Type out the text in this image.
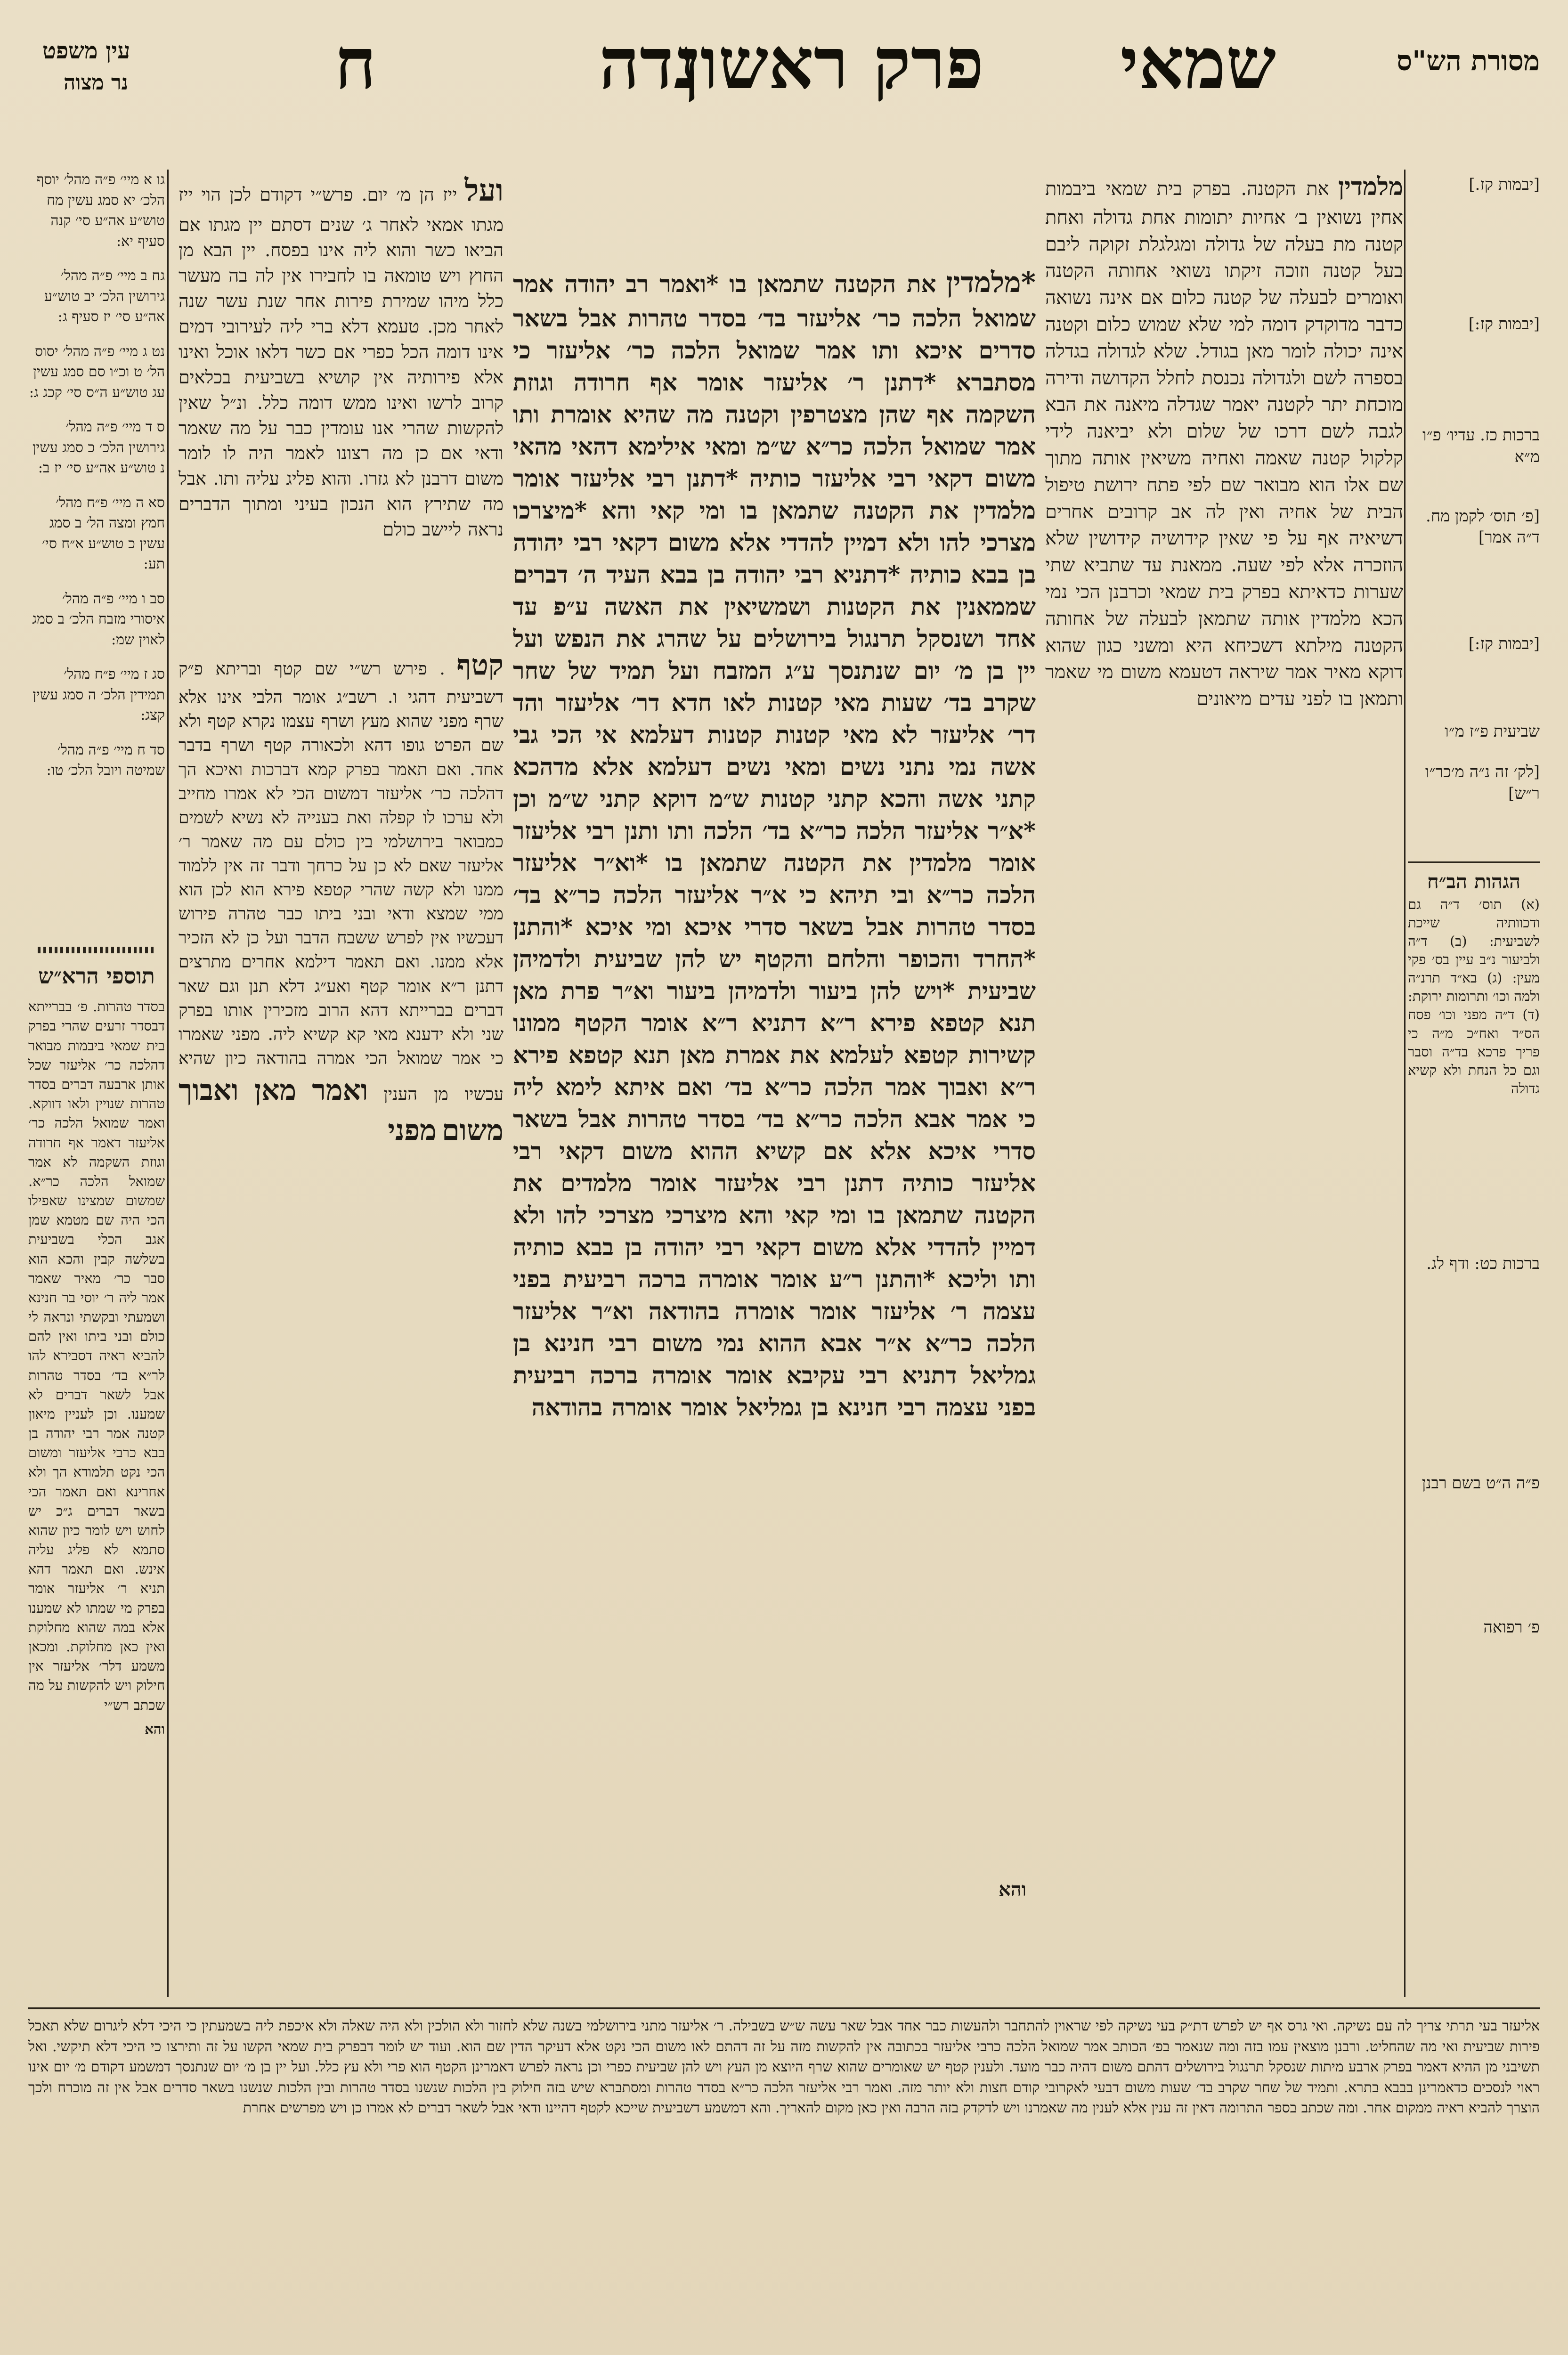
מסורת הש"ס
שמאי
פרק ראשון
נדה
ח
עין משפט
נר מצוה
[יבמות קז.]
[יבמות קז:]
ברכות כז. עדיו׳ פ״ו מ״א
[פ׳ תוס׳ לקמן מח. ד״ה אמר]
[יבמות קז:]
שביעית פ״ז מ״ו
[לק׳ זה נ״ה מ׳כר״ו ר״ש]
הגהות הב״ח
(א) תוס׳ ד״ה גם ודכוותיה שייכת לשביעית: (ב) ד״ה ולביעור נ״ב עיין בס׳ פקי מעין: (ג) בא״ד תרנ״ה ולמה וכו׳ ותרומות ירוקת: (ד) ד״ה מפני וכו׳ פסח הס״ד ואח״כ מ״ה כי פריך פרכא בד״ה וסבר וגם כל הנחת ולא קשיא גדולה
ברכות כט: ודף לג.
פ״ה ה״ט בשם רבנן
פ׳ רפואה
מלמדין את הקטנה. בפרק בית שמאי ביבמות אחין נשואין ב׳ אחיות יתומות אחת גדולה ואחת קטנה מת בעלה של גדולה ומגלגלת זקוקה ליבם בעל קטנה וזוכה זיקתו נשואי אחותה הקטנה ואומרים לבעלה של קטנה כלום אם אינה נשואה כדבר מדוקדק דומה למי שלא שמוש כלום וקטנה אינה יכולה לומר מאן בגודל. שלא לגדולה בגדלה בספרה לשם ולגדולה נכנסת לחלל הקדושה ודירה מוכחת יתר לקטנה יאמר שגדלה מיאנה את הבא לגבה לשם דרכו של שלום ולא יביאנה לידי קלקול קטנה שאמה ואחיה משיאין אותה מתוך שם אלו הוא מבואר שם לפי פתח ירושת טיפול הבית של אחיה ואין לה אב קרובים אחרים דשיאיה אף על פי שאין קידושיה קידושין שלא הוזכרה אלא לפי שעה. ממאנת עד שתביא שתי שערות כדאיתא בפרק בית שמאי וכרבנן הכי נמי הכא מלמדין אותה שתמאן לבעלה של אחותה הקטנה מילתא דשכיחא היא ומשני כגון שהוא דוקא מאיר אמר שיראה דטעמא משום מי שאמר ותמאן בו לפני עדים מיאונים
ועל ייז הן מ׳ יום. פרש״י דקודם לכן הוי ייז מגתו אמאי לאחר ג׳ שנים דסתם יין מגתו אם הביאו כשר והוא ליה אינו בפסח. יין הבא מן החוץ ויש טומאה בו לחבירו אין לה בה מעשר כלל מיהו שמירת פירות אחר שנת עשר שנה לאחר מכן. טעמא דלא ברי ליה לעירובי דמים אינו דומה הכל כפרי אם כשר דלאו אוכל ואינו אלא פירותיה אין קושיא בשביעית בכלאים קרוב לרשו ואינו ממש דומה כלל. ונ״ל שאין להקשות שהרי אנו עומדין כבר על מה שאמר ודאי אם כן מה רצונו לאמר היה לו לומר משום דרבנן לא גזרו. והוא פליג עליה ותו. אבל מה שתירץ הוא הנכון בעיני ומתוך הדברים נראה ליישב כולם
*מלמדין את הקטנה שתמאן בו *ואמר רב יהודה אמר שמואל הלכה כר׳ אליעזר בד׳ בסדר טהרות אבל בשאר סדרים איכא ותו אמר שמואל הלכה כר׳ אליעזר כי מסתברא *דתנן ר׳ אליעזר אומר אף חרודה וגוזת השקמה אף שהן מצטרפין וקטנה מה שהיא אומרת ותו אמר שמואל הלכה כר״א ש״מ ומאי אילימא דהאי מהאי משום דקאי רבי אליעזר כותיה *דתנן רבי אליעזר אומר מלמדין את הקטנה שתמאן בו ומי קאי והא *מיצרכו מצרכי להו ולא דמיין להדדי אלא משום דקאי רבי יהודה בן בבא כותיה *דתניא רבי יהודה בן בבא העיד ה׳ דברים שממאנין את הקטנות ושמשיאין את האשה ע״פ עד אחד ושנסקל תרנגול בירושלים על שהרג את הנפש ועל יין בן מ׳ יום שנתנסך ע״ג המזבח ועל תמיד של שחר שקרב בד׳ שעות מאי קטנות לאו חדא דר׳ אליעזר והד דר׳ אליעזר לא מאי קטנות קטנות דעלמא אי הכי גבי אשה נמי נתני נשים ומאי נשים דעלמא אלא מדהכא קתני אשה והכא קתני קטנות ש״מ דוקא קתני ש״מ וכן *א״ר אליעזר הלכה כר״א בד׳ הלכה ותו ותנן רבי אליעזר אומר מלמדין את הקטנה שתמאן בו *וא״ר אליעזר הלכה כר״א ובי תיהא כי א״ר אליעזר הלכה כר״א בד׳ בסדר טהרות אבל בשאר סדרי איכא ומי איכא *והתנן *החרד והכופר והלחם והקטף יש להן שביעית ולדמיהן שביעית *ויש להן ביעור ולדמיהן ביעור וא״ר פרת מאן תנא קטפא פירא ר״א דתניא ר״א אומר הקטף ממונו קשירות קטפא לעלמא את אמרת מאן תנא קטפא פירא ר״א ואבוך אמר הלכה כר״א בד׳ ואם איתא לימא ליה כי אמר אבא הלכה כר״א בד׳ בסדר טהרות אבל בשאר סדרי איכא אלא אם קשיא ההוא משום דקאי רבי אליעזר כותיה דתנן רבי אליעזר אומר מלמדים את הקטנה שתמאן בו ומי קאי והא מיצרכי מצרכי להו ולא דמיין להדדי אלא משום דקאי רבי יהודה בן בבא כותיה ותו וליכא *והתנן ר״ע אומר אומרה ברכה רביעית בפני עצמה ר׳ אליעזר אומר אומרה בהודאה וא״ר אליעזר הלכה כר״א א״ר אבא ההוא נמי משום רבי חנינא בן גמליאל דתניא רבי עקיבא אומר אומרה ברכה רביעית בפני עצמה רבי חנינא בן גמליאל אומר אומרה בהודאה
והא
קטף . פירש רש״י שם קטף ובריתא פ״ק דשביעית דהגי ו. רשב״ג אומר הלבי אינו אלא שרף מפני שהוא מעץ ושרף עצמו נקרא קטף ולא שם הפרט גופו דהא ולכאורה קטף ושרף בדבר אחד. ואם תאמר בפרק קמא דברכות ואיכא הך דהלכה כר׳ אליעזר דמשום הכי לא אמרו מחייב ולא ערכו לו קפלה ואת בענייה לא נשיא לשמים כמבואר בירושלמי בין כולם עם מה שאמר ר׳ אליעזר שאם לא כן על כרחך ודבר זה אין ללמוד ממנו ולא קשה שהרי קטפא פירא הוא לכן הוא ממי שמצא ודאי ובני ביתו כבר טהרה פירוש דעכשיו אין לפרש ששבח הדבר ועל כן לא הזכיר אלא ממנו. ואם תאמר דילמא אחרים מתרצים דתנן ר״א אומר קטף ואע״ג דלא תנן וגם שאר דברים בברייתא דהא הרוב מזכירין אותו בפרק שני ולא ידענא מאי קא קשיא ליה. מפני שאמרו כי אמר שמואל הכי אמרה בהודאה כיון שהיא עכשיו מן הענין ואמר מאן ואבוך משום מפני
גו א מיי׳ פ״ה מהל׳ יוסף הלכ׳ יא סמג עשין מח טוש״ע אה״ע סי׳ קנה סעיף יא:
גח ב מיי׳ פ״ה מהל׳ גירושין הלכ׳ יב טוש״ע אה״ע סי׳ יז סעיף ג:
נט ג מיי׳ פ״ה מהל׳ יסוס הל׳ ט וכ״ו סם סמג עשין עג טוש״ע ה״ס סי׳ קכג ג:
ס ד מיי׳ פ״ה מהל׳ גירושין הלכ׳ כ סמג עשין נ טוש״ע אה״ע סי׳ יז ב:
סא ה מיי׳ פ״ח מהל׳ חמץ ומצה הל׳ ב סמג עשין כ טוש״ע א״ח סי׳ תע:
סב ו מיי׳ פ״ה מהל׳ איסורי מזבח הלכ׳ ב סמג לאוין שמ:
סג ז מיי׳ פ״ח מהל׳ תמידין הלכ׳ ה סמג עשין קצג:
סד ח מיי׳ פ״ה מהל׳ שמיטה ויובל הלכ׳ טו:
תוספי הרא״ש
בסדר טהרות. פ׳ בברייתא דבסדר זרעים שהרי בפרק בית שמאי ביבמות מבואר דהלכה כר׳ אליעזר שכל אותן ארבעה דברים בסדר טהרות שנויין ולאו דווקא. ואמר שמואל הלכה כר׳ אליעזר דאמר אף חרודה וגוזת השקמה לא אמר שמואל הלכה כר״א. שמשום שמצינו שאפילו הכי היה שם מטמא שמן אגב הכלי בשביעית בשלשה קבין והכא הוא סבר כר׳ מאיר שאמר אמר ליה ר׳ יוסי בר חנינא ושמעתי ובקשתי ונראה לי כולם ובני ביתו ואין להם להביא ראיה דסבירא להו לר״א בד׳ בסדר טהרות אבל לשאר דברים לא שמענו. וכן לעניין מיאון קטנה אמר רבי יהודה בן בבא כרבי אליעזר ומשום הכי נקט תלמודא הך ולא אחרינא ואם תאמר הכי בשאר דברים ג״כ יש לחוש ויש לומר כיון שהוא סתמא לא פליג עליה אינש. ואם תאמר דהא תניא ר׳ אליעזר אומר בפרק מי שמתו לא שמענו אלא במה שהוא מחלוקת ואין כאן מחלוקת. ומכאן משמע דלר׳ אליעזר אין חילוק ויש להקשות על מה שכתב רש״י
והא
אליעזר בעי תרתי צריך לה עם נשיקה. ואי גרס אף יש לפרש דת״ק בעי נשיקה לפי שראוין להתחבר ולהעשות כבר אחד אבל שאר עשה ש״ש בשבילה. ר׳ אליעזר מתני בירושלמי בשנה שלא לחזור ולא הולכין ולא היה שאלה ולא איכפת ליה בשמעתין כי היכי דלא ליגרום שלא תאכל פירות שביעית ואי מה שהחליט. ורבנן מוצאין עמו בזה ומה שנאמר בפ׳ הכותב אמר שמואל הלכה כרבי אליעזר בכתובה אין להקשות מזה על זה דהתם לאו משום הכי נקט אלא דעיקר הדין שם הוא. ועוד יש לומר דבפרק בית שמאי הקשו על זה ותירצו כי היכי דלא תיקשי. ואל תשיבני מן ההיא דאמר בפרק ארבע מיתות שנסקל תרנגול בירושלים דהתם משום דהיה כבר מועד. ולענין קטף יש שאומרים שהוא שרף היוצא מן העץ ויש להן שביעית כפרי וכן נראה לפרש דאמרינן הקטף הוא פרי ולא עץ כלל. ועל יין בן מ׳ יום שנתנסך דמשמע דקודם מ׳ יום אינו ראוי לנסכים כדאמרינן בבבא בתרא. ותמיד של שחר שקרב בד׳ שעות משום דבעי לאקרובי קודם חצות ולא יותר מזה. ואמר רבי אליעזר הלכה כר״א בסדר טהרות ומסתברא שיש בזה חילוק בין הלכות שנשנו בסדר טהרות ובין הלכות שנשנו בשאר סדרים אבל אין זה מוכרח ולכך הוצרך להביא ראיה ממקום אחר. ומה שכתב בספר התרומה דאין זה ענין אלא לענין מה שאמרנו ויש לדקדק בזה הרבה ואין כאן מקום להאריך. והא דמשמע דשביעית שייכא לקטף דהיינו ודאי אבל לשאר דברים לא אמרו כן ויש מפרשים אחרת
